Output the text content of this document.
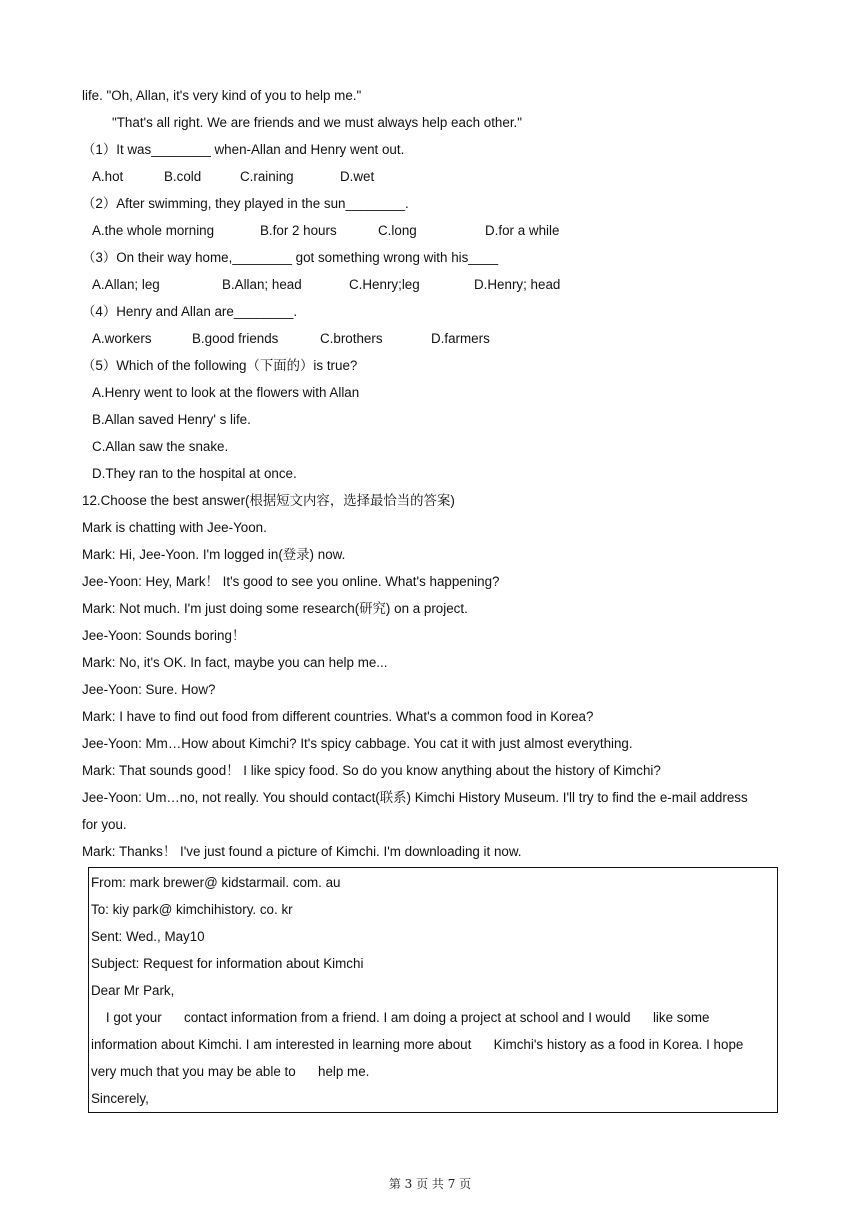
life. "Oh, Allan, it's very kind of you to help me."
"That's all right. We are friends and we must always help each other."
（1）It was________ when-Allan and Henry went out.
A.hot	B.cold	C.raining	D.wet
（2）After swimming, they played in the sun________.
A.the whole morning	B.for 2 hours	C.long	D.for a while
（3）On their way home,________ got something wrong with his____
A.Allan; leg	B.Allan; head	C.Henry;leg	D.Henry; head
（4）Henry and Allan are________.
A.workers	B.good friends	C.brothers	D.farmers
（5）Which of the following（下面的）is true?
A.Henry went to look at the flowers with Allan
B.Allan saved Henry' s life.
C.Allan saw the snake.
D.They ran to the hospital at once.
12.Choose the best answer(根据短文内容，选择最恰当的答案)
Mark is chatting with Jee-Yoon.
Mark: Hi, Jee-Yoon. I'm logged in(登录) now.
Jee-Yoon: Hey, Mark！ It's good to see you online. What's happening?
Mark: Not much. I'm just doing some research(研究) on a project.
Jee-Yoon: Sounds boring！
Mark: No, it's OK. In fact, maybe you can help me...
Jee-Yoon: Sure. How?
Mark: I have to find out food from different countries. What's a common food in Korea?
Jee-Yoon: Mm…How about Kimchi? It's spicy cabbage. You cat it with just almost everything.
Mark: That sounds good！ I like spicy food. So do you know anything about the history of Kimchi?
Jee-Yoon: Um…no, not really. You should contact(联系) Kimchi History Museum. I'll try to find the e-mail address
for you.
Mark: Thanks！ I've just found a picture of Kimchi. I'm downloading it now.
From: mark brewer@ kidstarmail. com. au
To: kiy park@ kimchihistory. co. kr
Sent: Wed., May10
Subject: Request for information about Kimchi
Dear Mr Park,
I got your      contact information from a friend. I am doing a project at school and I would      like some
information about Kimchi. I am interested in learning more about      Kimchi's history as a food in Korea. I hope
very much that you may be able to      help me.
Sincerely,
第 3 页 共 7 页
